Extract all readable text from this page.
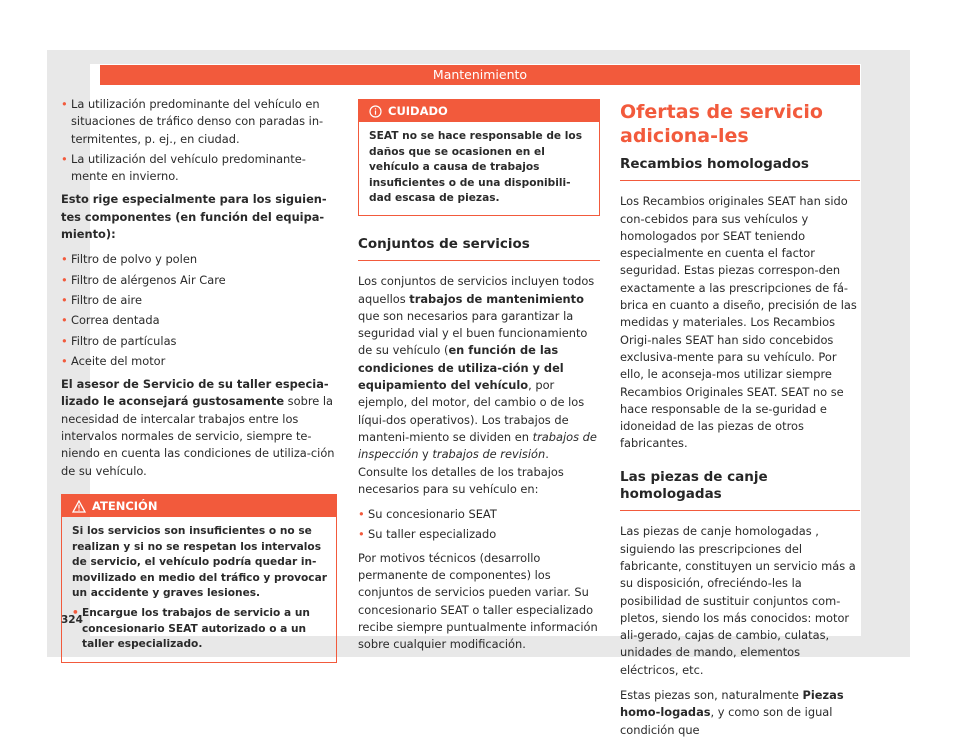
Mantenimiento
• La utilización predominante del vehículo en situaciones de tráfico denso con paradas in-termitentes, p. ej., en ciudad.
• La utilización del vehículo predominante-mente en invierno.

Esto rige especialmente para los siguien-tes componentes (en función del equipa-miento):

• Filtro de polvo y polen
• Filtro de alérgenos Air Care
• Filtro de aire
• Correa dentada
• Filtro de partículas
• Aceite del motor

El asesor de Servicio de su taller especia-lizado le aconsejará gustosamente sobre la necesidad de intercalar trabajos entre los intervalos normales de servicio, siempre te-niendo en cuenta las condiciones de utiliza-ción de su vehículo.

ATENCIÓN

Si los servicios son insuficientes o no se realizan y si no se respetan los intervalos de servicio, el vehículo podría quedar in-movilizado en medio del tráfico y provocar un accidente y graves lesiones.

• Encargue los trabajos de servicio a un concesionario SEAT autorizado o a un taller especializado.
CUIDADO

SEAT no se hace responsable de los daños que se ocasionen en el vehículo a causa de trabajos insuficientes o de una disponibili-dad escasa de piezas.

Conjuntos de servicios

Los conjuntos de servicios incluyen todos aquellos trabajos de mantenimiento que son necesarios para garantizar la seguridad vial y el buen funcionamiento de su vehículo (en función de las condiciones de utiliza-ción y del equipamiento del vehículo, por ejemplo, del motor, del cambio o de los líqui-dos operativos). Los trabajos de manteni-miento se dividen en trabajos de inspección y trabajos de revisión. Consulte los detalles de los trabajos necesarios para su vehículo en:

• Su concesionario SEAT
• Su taller especializado

Por motivos técnicos (desarrollo permanente de componentes) los conjuntos de servicios pueden variar. Su concesionario SEAT o taller especializado recibe siempre puntualmente información sobre cualquier modificación.

Ofertas de servicio adiciona-les
Recambios homologados

Los Recambios originales SEAT han sido con-cebidos para sus vehículos y homologados por SEAT teniendo especialmente en cuenta el factor seguridad. Estas piezas correspon-den exactamente a las prescripciones de fá-brica en cuanto a diseño, precisión de las medidas y materiales. Los Recambios Origi-nales SEAT han sido concebidos exclusiva-mente para su vehículo. Por ello, le aconseja-mos utilizar siempre Recambios Originales SEAT. SEAT no se hace responsable de la se-guridad e idoneidad de las piezas de otros fabricantes.

Las piezas de canje homologadas

Las piezas de canje homologadas , siguiendo las prescripciones del fabricante, constituyen un servicio más a su disposición, ofreciéndo-les la posibilidad de sustituir conjuntos com-pletos, siendo los más conocidos: motor ali-gerado, cajas de cambio, culatas, unidades de mando, elementos eléctricos, etc.

Estas piezas son, naturalmente Piezas homo-logadas, y como son de igual condición que

324
